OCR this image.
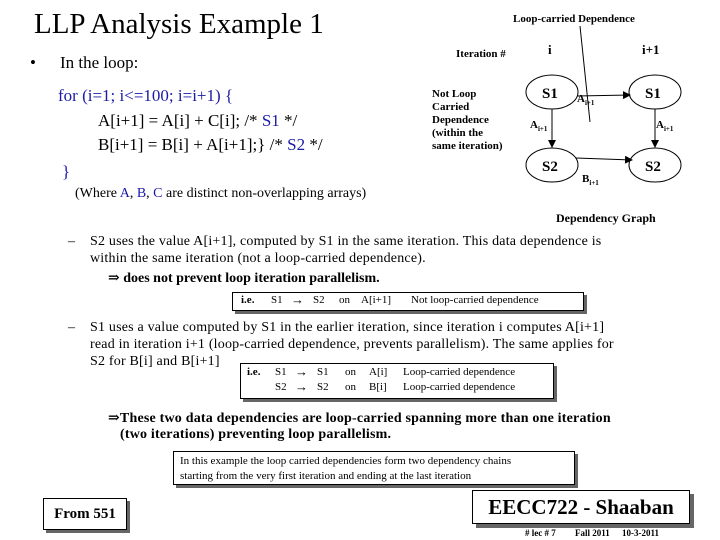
LLP Analysis Example 1
• In the loop:
for (i=1; i<=100; i=i+1) {
A[i+1] = A[i] + C[i]; /* S1 */
B[i+1] = B[i] + A[i+1];} /* S2 */
}
(Where A, B, C are distinct non-overlapping arrays)
Not Loop
Carried
Dependence
(within the
same iteration)
Loop-carried Dependence
Iteration #	i	i+1
S1
S2
S1
S2
$A_{i+1}$
$A_{i+1}$
$A_{i+1}$
$B_{i+1}$
Dependency Graph
– S2 uses the value A[i+1], computed by S1 in the same iteration. This data dependence is
within the same iteration (not a loop-carried dependence).
⇒ does not prevent loop iteration parallelism.
i.e. S1 → S2 on A[i+1] Not loop-carried dependence
– S1 uses a value computed by S1 in the earlier iteration, since iteration i computes A[i+1]
read in iteration i+1 (loop-carried dependence, prevents parallelism). The same applies for
S2 for B[i] and B[i+1]
i.e. S1 → S1 on A[i] Loop-carried dependence
S2 → S2 on B[i] Loop-carried dependence
⇒These two data dependencies are loop-carried spanning more than one iteration
(two iterations) preventing loop parallelism.
In this example the loop carried dependencies form two dependency chains
starting from the very first iteration and ending at the last iteration
From 551	EECC722 - Shaaban
# lec # 7 Fall 2011 10-3-2011
